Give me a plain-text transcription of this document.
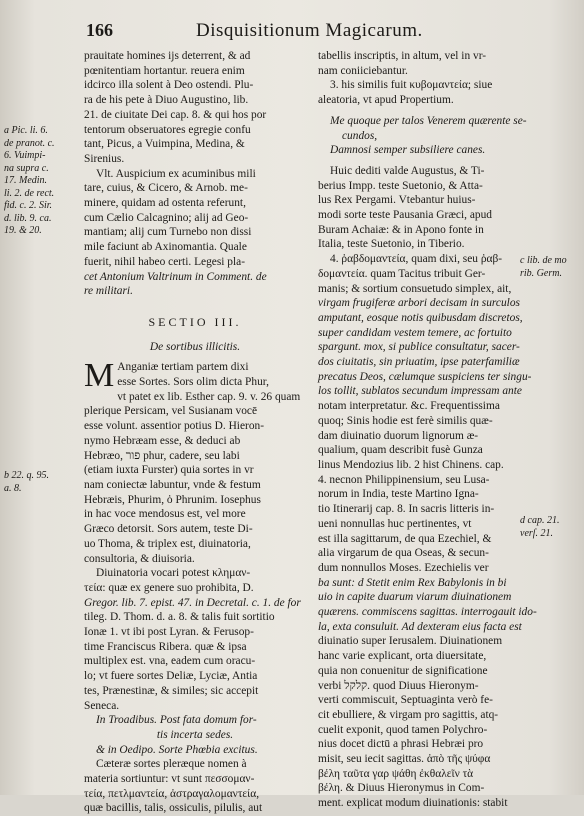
166	Disquisitionum Magicarum.
prauitate homines ijs deterrent, & ad
pœnitentiam hortantur. reuera enim
idcirco illa solent à Deo ostendi. Plu-
ra de his pete à Diuo Augustino, lib.
21. de ciuitate Dei cap. 8. & qui hos por
tentorum obseruatores egregie confu
tant, Picus, a Vuimpina, Medina, &
Sirenius.
Vlt. Auspicium ex acuminibus mili
tare, cuius, & Cicero, & Arnob. me-
minere, quidam ad ostenta referunt,
cum Cælio Calcagnino; alij ad Geo-
mantiam; alij cum Turnebo non dissi
mile faciunt ab Axinomantia. Quale
fuerit, nihil habeo certi. Legesi pla-
cet Antonium Valtrinum in Comment. de
re militari.
SECTIO III.
De sortibus illicitis.
M Anganiæ tertiam partem dixi
esse Sortes. Sors olim dicta Phur,
vt patet ex lib. Esther cap. 9. v. 26 quam
plerique Persicam, vel Susianam vocē
esse volunt. assentior potius D. Hieron-
nymo Hebræam esse, & deduci ab
Hebræo, פור phur, cadere, seu labi
(etiam iuxta Furster) quia sortes in vr
nam coniectæ labuntur, vnde & festum
Hebræis, Phurim, ὁ Phrunim. Iosephus
in hac voce mendosus est, vel more
Græco detorsit. Sors autem, teste Di-
uo Thoma, & triplex est, diuinatoria,
consultoria, & diuisoria.
Diuinatoria vocari potest κλημαν-
τεία: quæ ex genere suo prohibita, D.
Gregor. lib. 7. epist. 47. in Decretal. c. 1. de for
tileg. D. Thom. d. a. 8. & talis fuit sortitio
Ionæ 1. vt ibi post Lyran. & Ferusop-
time Franciscus Ribera. quæ & ipsa
multiplex est. vna, eadem cum oracu-
lo; vt fuere sortes Deliæ, Lyciæ, Antia
tes, Prænestinæ, & similes; sic accepit
Seneca.
In Troadibus. Post fata domum for-
tis incerta sedes.
& in Oedipo. Sorte Phœbia excitus.
Cæteræ sortes pleræque nomen à
materia sortiuntur: vt sunt πεσσομαν-
τεία, πετλμαντεία, ἀστραγαλομαντεία,
quæ bacillis, talis, ossiculis, pilulis, aut
tabellis inscriptis, in altum, vel in vr-
nam coniiciebantur.
3. his similis fuit κυβομαντεία; siue
aleatoria, vt apud Propertium.
Me quoque per talos Venerem quærente se-
cundos,
Damnosi semper subsiliere canes.
Huic dediti valde Augustus, & Ti-
berius Impp. teste Suetonio, & Atta-
lus Rex Pergami. Vtebantur huius-
modi sorte teste Pausania Græci, apud
Buram Achaiæ: & in Apono fonte in
Italia, teste Suetonio, in Tiberio.
4. ῥαβδομαντεία, quam dixi, seu ῥαβ-
δομαντεία. quam Tacitus tribuit Ger-
manis; & sortium consuetudo simplex, ait,
virgam frugiferæ arbori decisam in surculos
amputant, eosque notis quibusdam discretos,
super candidam vestem temere, ac fortuito
spargunt. mox, si publice consultatur, sacer-
dos ciuitatis, sin priuatim, ipse paterfamiliæ
precatus Deos, cælumque suspiciens ter singu-
los tollit, sublatos secundum impressam ante
notam interpretatur. &c. Frequentissima
quoq; Sinis hodie est ferè similis quæ-
dam diuinatio duorum lignorum æ-
qualium, quam describit fusè Gunza
linus Mendozius lib. 2 hist Chinens. cap.
4. necnon Philippinensium, seu Lusa-
norum in India, teste Martino Igna-
tio Itinerarij cap. 8. In sacris litteris in-
ueni nonnullas huc pertinentes, vt
est illa sagittarum, de qua Ezechiel, &
alia virgarum de qua Oseas, & secun-
dum nonnullos Moses. Ezechielis ver
ba sunt: d Stetit enim Rex Babylonis in bi
uio in capite duarum viarum diuinationem
quærens. commiscens sagittas. interrogauit ido-
la, exta consuluit. Ad dexteram eius facta est
diuinatio super Ierusalem. Diuinationem
hanc varie explicant, orta diuersitate,
quia non conuenitur de significatione
verbi קלקל. quod Diuus Hieronym-
verti commiscuit, Septuaginta verò fe-
cit ebulliere, & virgam pro sagittis, atq-
cuelit exponit, quod tamen Polychro-
nius docet dictū a phrasi Hebræi pro
misit, seu iecit sagittas. ἀπὸ τῆς ψύφα
βέλη ταῦτα γαρ ψάθη ἐκθαλεῖν τὰ
βέλη. & Diuus Hieronymus in Com-
ment. explicat modum diuinationis: stabit
a Pic. li. 6.
de pranot. c.
6. Vuimpi-
na supra c.
17. Medin.
li. 2. de rect.
fid. c. 2. Sir.
d. lib. 9. ca.
19. & 20.
b 22. q. 95.
a. 8.
c lib. de mo
rib. Germ.
d cap. 21.
verſ. 21.
